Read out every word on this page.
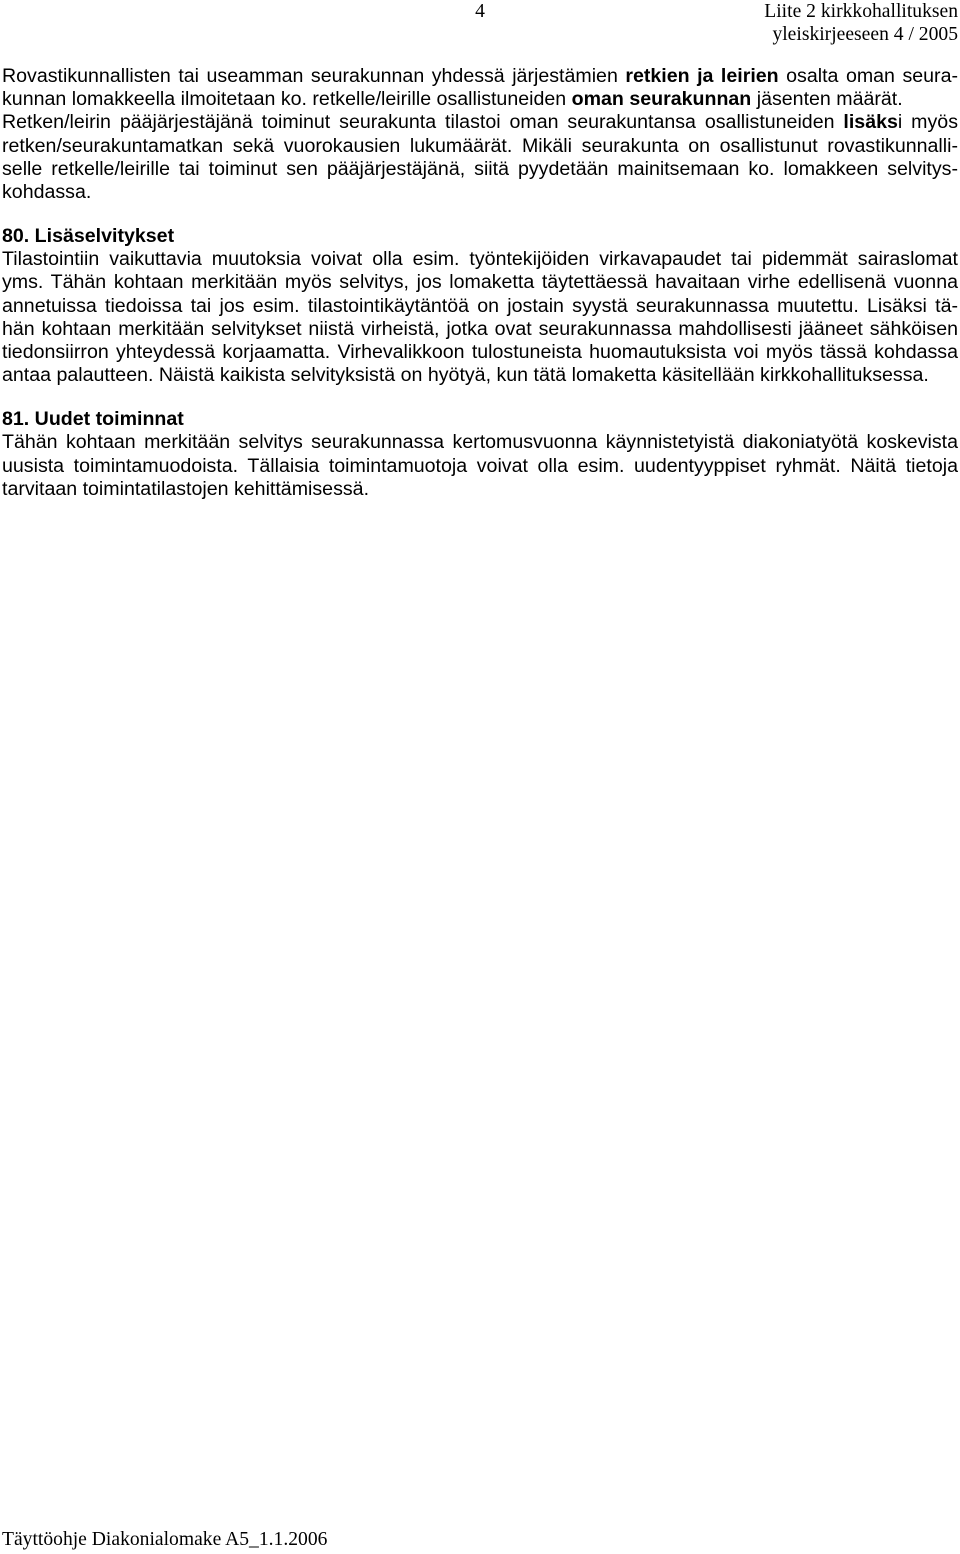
4	Liite 2 kirkkohallituksen
yleiskirjeeseen 4 / 2005
Rovastikunnallisten tai useamman seurakunnan yhdessä järjestämien retkien ja leirien osalta oman seura-
kunnan lomakkeella ilmoitetaan ko. retkelle/leirille osallistuneiden oman seurakunnan jäsenten määrät.
Retken/leirin pääjärjestäjänä toiminut seurakunta tilastoi oman seurakuntansa osallistuneiden lisäksi myös
retken/seurakuntamatkan sekä vuorokausien lukumäärät. Mikäli seurakunta on osallistunut rovastikunnalli-
selle retkelle/leirille tai toiminut sen pääjärjestäjänä, siitä pyydetään mainitsemaan ko. lomakkeen selvitys-
kohdassa.
80. Lisäselvitykset
Tilastointiin vaikuttavia muutoksia voivat olla esim. työntekijöiden virkavapaudet tai pidemmät sairaslomat
yms. Tähän kohtaan merkitään myös selvitys, jos lomaketta täytettäessä havaitaan virhe edellisenä vuonna
annetuissa tiedoissa tai jos esim. tilastointikäytäntöä on jostain syystä seurakunnassa muutettu. Lisäksi tä-
hän kohtaan merkitään selvitykset niistä virheistä, jotka ovat seurakunnassa mahdollisesti jääneet sähköisen
tiedonsiirron yhteydessä korjaamatta. Virhevalikkoon tulostuneista huomautuksista voi myös tässä kohdassa
antaa palautteen. Näistä kaikista selvityksistä on hyötyä, kun tätä lomaketta käsitellään kirkkohallituksessa.
81. Uudet toiminnat
Tähän kohtaan merkitään selvitys seurakunnassa kertomusvuonna käynnistetyistä diakoniatyötä koskevista
uusista toimintamuodoista. Tällaisia toimintamuotoja voivat olla esim. uudentyyppiset ryhmät. Näitä tietoja
tarvitaan toimintatilastojen kehittämisessä.
Täyttöohje Diakonialomake A5_1.1.2006
